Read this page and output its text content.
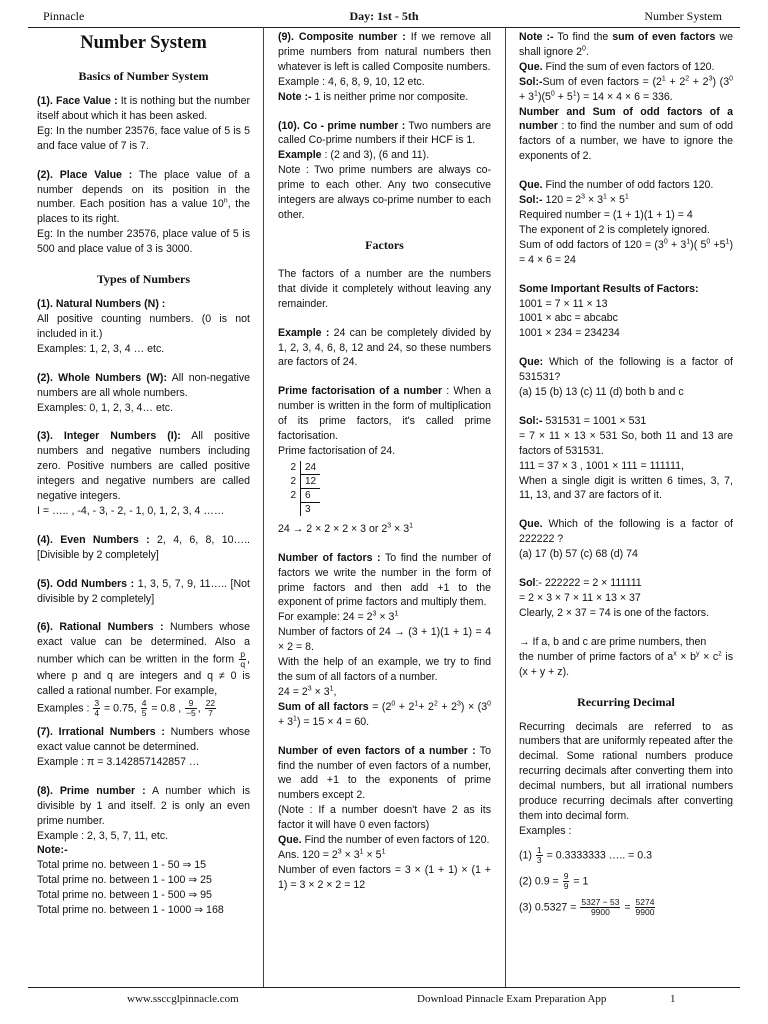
Pinnacle	Day: 1st - 5th	Number System
Number System
Basics of Number System

(1). Face Value : It is nothing but the number itself about which it has been asked.

Eg: In the number 23576, face value of 5 is 5 and face value of 7 is 7.

(2). Place Value : The place value of a number depends on its position in the number. Each position has a value 10$^n$, the places to its right.

Eg: In the number 23576, place value of 5 is 500 and place value of 3 is 3000.

Types of Numbers

(1). Natural Numbers (N) :
All positive counting numbers. (0 is not included in it.)

Examples: 1, 2, 3, 4 … etc.

(2). Whole Numbers (W): All non-negative numbers are all whole numbers.

Examples: 0, 1, 2, 3, 4… etc.

(3). Integer Numbers (I): All positive numbers and negative numbers including zero. Positive numbers are called positive integers and negative numbers are called negative integers.

I = ….. , -4, - 3, - 2, - 1, 0, 1, 2, 3, 4 ……

(4). Even Numbers : 2, 4, 6, 8, 10….. [Divisible by 2 completely]

(5). Odd Numbers : 1, 3, 5, 7, 9, 11….. [Not divisible by 2 completely]

(6). Rational Numbers : Numbers whose exact value can be determined. Also a number which can be written in the form $\frac{p}{q}$ , where p and q are integers and q ≠ 0 is called a rational number. For example,

Examples : $\frac{3}{4} = 0.75$, $\frac{4}{5} = 0.8$ , $\frac{9}{-5}$ , $\frac{22}{7}$

(7). Irrational Numbers : Numbers whose exact value cannot be determined.

Example : π = 3.142857142857 …

(8). Prime number : A number which is divisible by 1 and itself. 2 is only an even prime number.

Example : 2, 3, 5, 7, 11, etc.

Note:-

Total prime no. between 1 - 50 ⇒ 15

Total prime no. between 1 - 100 ⇒ 25

Total prime no. between 1 - 500 ⇒ 95

Total prime no. between 1 - 1000 ⇒ 168

(9). Composite number : If we remove all prime numbers from natural numbers then whatever is left is called Composite numbers.

Example : 4, 6, 8, 9, 10, 12 etc.

Note :- 1 is neither prime nor composite.

(10). Co - prime number : Two numbers are called Co-prime numbers if their HCF is 1.

Example : (2 and 3), (6 and 11).

Note : Two prime numbers are always co-prime to each other. Any two consecutive integers are always co-prime number to each other.

Factors

The factors of a number are the numbers that divide it completely without leaving any remainder.

Example : 24 can be completely divided by 1, 2, 3, 4, 6, 8, 12 and 24, so these numbers are factors of 24.

Prime factorisation of a number : When a number is written in the form of multiplication of its prime factors, it's called prime factorisation.

Prime factorisation of 24.

2	24
2	12
2	6
	3

24 → 2 × 2 × 2 × 3 or $2^3 \times 3^1$

Number of factors : To find the number of factors we write the number in the form of prime factors and then add +1 to the exponent of prime factors and multiply them.

For example: $24 = 2^3 \times 3^1$

Number of factors of 24 → (3 + 1)(1 + 1) = 4 × 2 = 8.

With the help of an example, we try to find the sum of all factors of a number.

$24 = 2^3 \times 3^1$,

Sum of all factors = $(2^0 + 2^1+ 2^2 + 2^3) \times (3^0 + 3^1) = 15 \times 4 = 60$.

Number of even factors of a number : To find the number of even factors of a number, we add +1 to the exponents of prime numbers except 2.

(Note : If a number doesn't have 2 as its factor it will have 0 even factors)

Que. Find the number of even factors of 120.

Ans. $120 = 2^3 \times 3^1 \times 5^1$

Number of even factors = 3 × (1 + 1) × (1 + 1) = 3 × 2 × 2 = 12

Note :- To find the sum of even factors we shall ignore $2^0$.

Que. Find the sum of even factors of 120.

Sol:-Sum of even factors = $(2^1 + 2^2 + 2^3) (3^0 + 3^1)(5^0 + 5^1) = 14 \times 4 \times 6 = 336$.

Number and Sum of odd factors of a number : to find the number and sum of odd factors of a number, we have to ignore the exponents of 2.

Que. Find the number of odd factors 120.

Sol:- $120 = 2^3 \times 3^1 \times 5^1$

Required number = (1 + 1)(1 + 1) = 4

The exponent of 2 is completely ignored.

Sum of odd factors of $120 = (3^0 + 3^1)$( $5^0 +5^1) = 4 \times 6 = 24$

Some Important Results of Factors:

1001 = 7 × 11 × 13

1001 × abc = abcabc

1001 × 234 = 234234

Que: Which of the following is a factor of 531531?

(a) 15 (b) 13 (c) 11 (d) both b and c

Sol:- 531531 = 1001 × 531

= 7 × 11 × 13 × 531 So, both 11 and 13 are factors of 531531.

111 = 37 × 3 , 1001 × 111 = 111111,

When a single digit is written 6 times, 3, 7, 11, 13, and 37 are factors of it.

Que. Which of the following is a factor of 222222 ?

(a) 17 (b) 57 (c) 68 (d) 74

Sol:- 222222 = 2 × 111111

= 2 × 3 × 7 × 11 × 13 × 37

Clearly, 2 × 37 = 74 is one of the factors.

→ If a, b and c are prime numbers, then

the number of prime factors of $a^x \times b^y \times c^z$ is (x + y + z).

Recurring Decimal

Recurring decimals are referred to as numbers that are uniformly repeated after the decimal. Some rational numbers produce recurring decimals after converting them into decimal numbers, but all irrational numbers produce recurring decimals after converting them into decimal form.

Examples :

$(1) \frac{1}{3} = 0.3333333$ ….. = 0.3

(2) $0.9 = \frac{9}{9} = 1$

(3) $0.5327 = \frac{5327 - 53}{9900} = \frac{5274}{9900}$

www.ssccglpinnacle.com	Download Pinnacle Exam Preparation App	1
